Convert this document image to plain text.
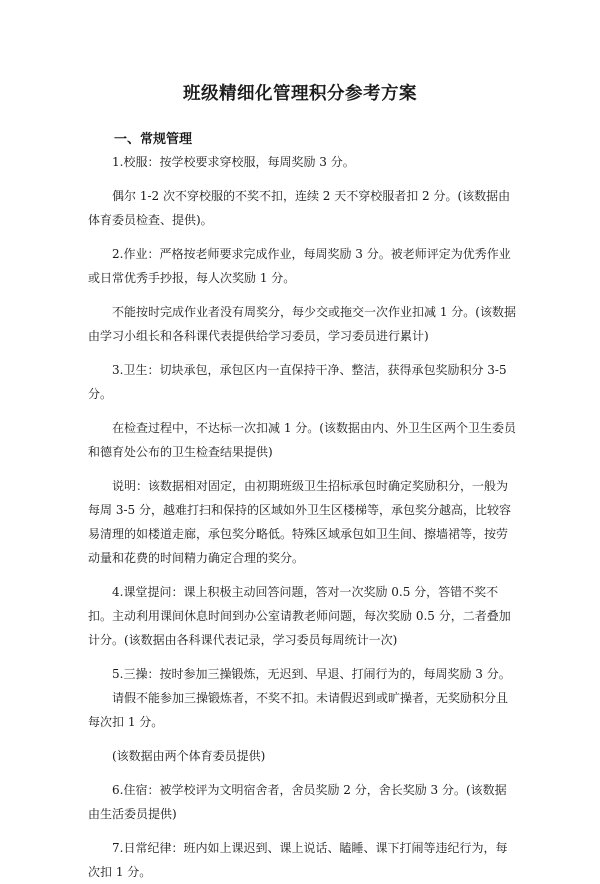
班级精细化管理积分参考方案
一、常规管理

1.校服：按学校要求穿校服，每周奖励 3 分。

偶尔 1-2 次不穿校服的不奖不扣，连续 2 天不穿校服者扣 2 分。(该数据由体育委员检查、提供)。

2.作业：严格按老师要求完成作业，每周奖励 3 分。被老师评定为优秀作业或日常优秀手抄报，每人次奖励 1 分。

不能按时完成作业者没有周奖分，每少交或拖交一次作业扣减 1 分。(该数据由学习小组长和各科课代表提供给学习委员，学习委员进行累计)

3.卫生：切块承包，承包区内一直保持干净、整洁，获得承包奖励积分 3-5 分。

在检查过程中，不达标一次扣减 1 分。(该数据由内、外卫生区两个卫生委员和德育处公布的卫生检查结果提供)

说明：该数据相对固定，由初期班级卫生招标承包时确定奖励积分，一般为每周 3-5 分，越难打扫和保持的区域如外卫生区楼梯等，承包奖分越高，比较容易清理的如楼道走廊，承包奖分略低。特殊区域承包如卫生间、擦墙裙等，按劳动量和花费的时间精力确定合理的奖分。

4.课堂提问：课上积极主动回答问题，答对一次奖励 0.5 分，答错不奖不扣。主动利用课间休息时间到办公室请教老师问题，每次奖励 0.5 分，二者叠加计分。(该数据由各科课代表记录，学习委员每周统计一次)

5.三操：按时参加三操锻炼，无迟到、早退、打闹行为的，每周奖励 3 分。

请假不能参加三操锻炼者，不奖不扣。未请假迟到或旷操者，无奖励积分且每次扣 1 分。

(该数据由两个体育委员提供)

6.住宿：被学校评为文明宿舍者，舍员奖励 2 分，舍长奖励 3 分。(该数据由生活委员提供)

7.日常纪律：班内如上课迟到、课上说话、瞌睡、课下打闹等违纪行为，每次扣 1 分。
